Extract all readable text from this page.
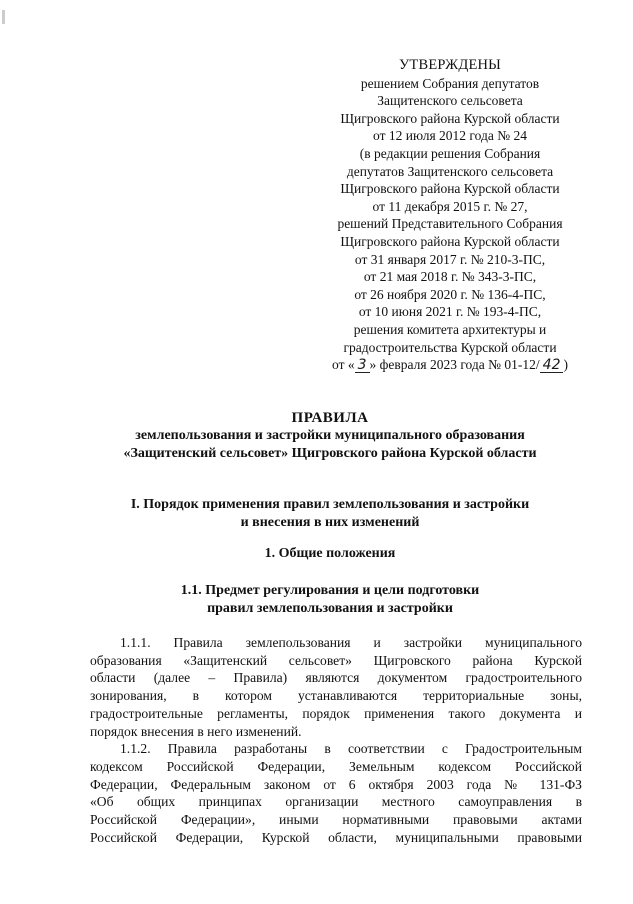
УТВЕРЖДЕНЫ
решением Собрания депутатов
Защитенского сельсовета
Щигровского района Курской области
от 12 июля 2012 года № 24
(в редакции решения Собрания
депутатов Защитенского сельсовета
Щигровского района Курской области
от 11 декабря 2015 г. № 27,
решений Представительного Собрания
Щигровского района Курской области
от 31 января 2017 г. № 210-3-ПС,
от 21 мая 2018 г. № 343-3-ПС,
от 26 ноября 2020 г. № 136-4-ПС,
от 10 июня 2021 г. № 193-4-ПС,
решения комитета архитектуры и
градостроительства Курской области
от « 3 » февраля 2023 года № 01-12/ 42 )
ПРАВИЛА
землепользования и застройки муниципального образования
«Защитенский сельсовет» Щигровского района Курской области
I. Порядок применения правил землепользования и застройки
и внесения в них изменений
1. Общие положения
1.1. Предмет регулирования и цели подготовки
правил землепользования и застройки
1.1.1. Правила землепользования и застройки муниципального
образования «Защитенский сельсовет» Щигровского района Курской
области (далее – Правила) являются документом градостроительного
зонирования, в котором устанавливаются территориальные зоны,
градостроительные регламенты, порядок применения такого документа и
порядок внесения в него изменений.
1.1.2. Правила разработаны в соответствии с Градостроительным
кодексом Российской Федерации, Земельным кодексом Российской
Федерации, Федеральным законом от 6 октября 2003 года № 131-ФЗ
«Об общих принципах организации местного самоуправления в
Российской Федерации», иными нормативными правовыми актами
Российской Федерации, Курской области, муниципальными правовыми
